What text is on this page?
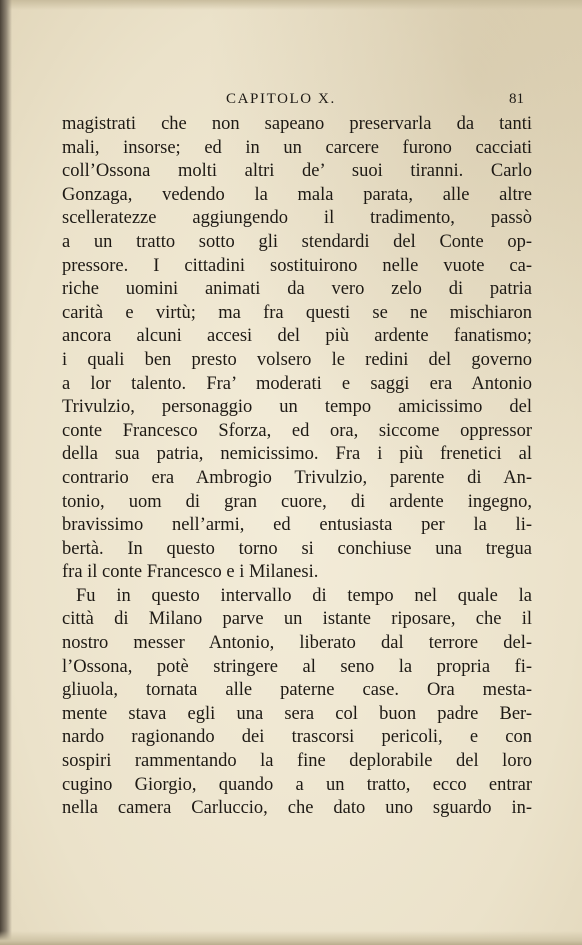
CAPITOLO X.	81
magistrati che non sapeano preservarla da tanti
mali, insorse; ed in un carcere furono cacciati
coll’Ossona molti altri de’ suoi tiranni. Carlo
Gonzaga, vedendo la mala parata, alle altre
scelleratezze aggiungendo il tradimento, passò
a un tratto sotto gli stendardi del Conte op-
pressore. I cittadini sostituirono nelle vuote ca-
riche uomini animati da vero zelo di patria
carità e virtù; ma fra questi se ne mischiaron
ancora alcuni accesi del più ardente fanatismo;
i quali ben presto volsero le redini del governo
a lor talento. Fra’ moderati e saggi era Antonio
Trivulzio, personaggio un tempo amicissimo del
conte Francesco Sforza, ed ora, siccome oppressor
della sua patria, nemicissimo. Fra i più frenetici al
contrario era Ambrogio Trivulzio, parente di An-
tonio, uom di gran cuore, di ardente ingegno,
bravissimo nell’armi, ed entusiasta per la li-
bertà. In questo torno si conchiuse una tregua
fra il conte Francesco e i Milanesi.
Fu in questo intervallo di tempo nel quale la
città di Milano parve un istante riposare, che il
nostro messer Antonio, liberato dal terrore del-
l’Ossona, potè stringere al seno la propria fi-
gliuola, tornata alle paterne case. Ora mesta-
mente stava egli una sera col buon padre Ber-
nardo ragionando dei trascorsi pericoli, e con
sospiri rammentando la fine deplorabile del loro
cugino Giorgio, quando a un tratto, ecco entrar
nella camera Carluccio, che dato uno sguardo in-
